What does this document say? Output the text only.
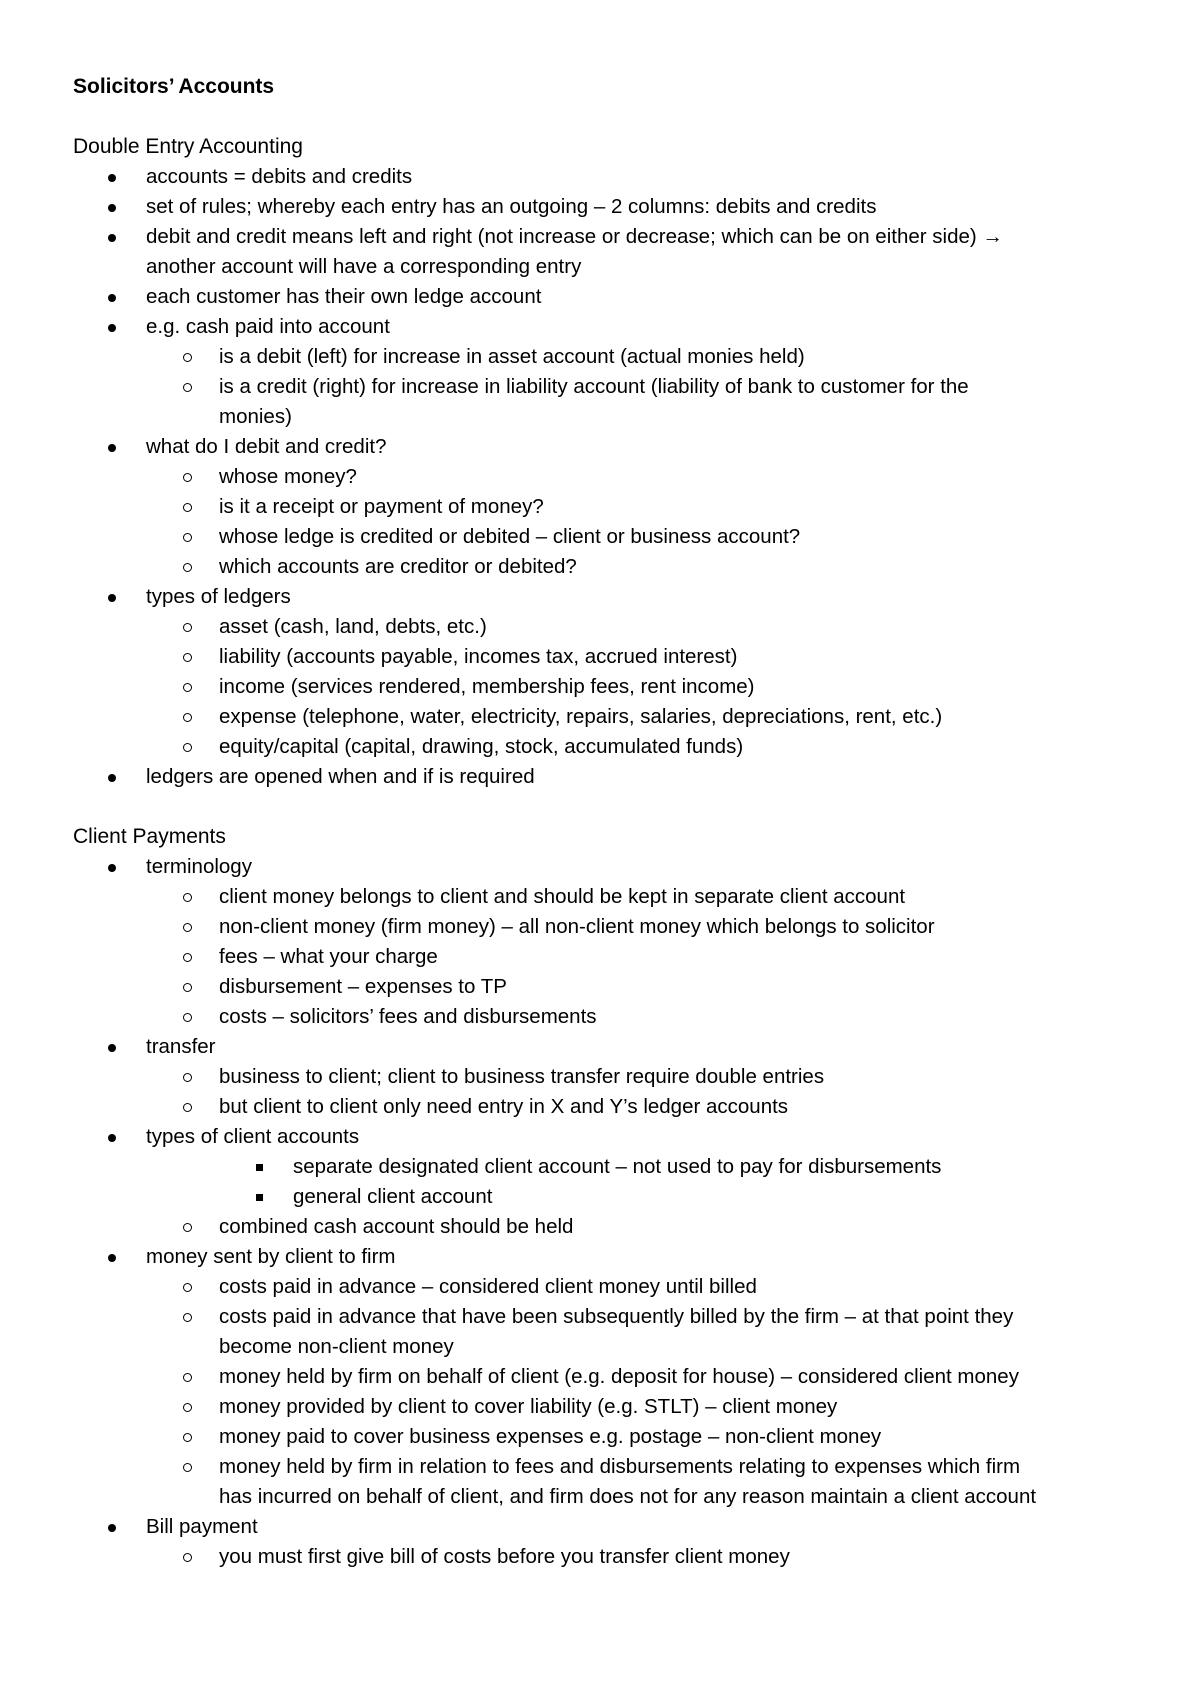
Solicitors’ Accounts
Double Entry Accounting
accounts = debits and credits
set of rules; whereby each entry has an outgoing – 2 columns: debits and credits
debit and credit means left and right (not increase or decrease; which can be on either side) →
another account will have a corresponding entry
each customer has their own ledge account
e.g. cash paid into account
is a debit (left) for increase in asset account (actual monies held)
is a credit (right) for increase in liability account (liability of bank to customer for the
monies)
what do I debit and credit?
whose money?
is it a receipt or payment of money?
whose ledge is credited or debited – client or business account?
which accounts are creditor or debited?
types of ledgers
asset (cash, land, debts, etc.)
liability (accounts payable, incomes tax, accrued interest)
income (services rendered, membership fees, rent income)
expense (telephone, water, electricity, repairs, salaries, depreciations, rent, etc.)
equity/capital (capital, drawing, stock, accumulated funds)
ledgers are opened when and if is required
Client Payments
terminology
client money belongs to client and should be kept in separate client account
non-client money (firm money) – all non-client money which belongs to solicitor
fees – what your charge
disbursement – expenses to TP
costs – solicitors’ fees and disbursements
transfer
business to client; client to business transfer require double entries
but client to client only need entry in X and Y’s ledger accounts
types of client accounts
separate designated client account – not used to pay for disbursements
general client account
combined cash account should be held
money sent by client to firm
costs paid in advance – considered client money until billed
costs paid in advance that have been subsequently billed by the firm – at that point they
become non-client money
money held by firm on behalf of client (e.g. deposit for house) – considered client money
money provided by client to cover liability (e.g. STLT) – client money
money paid to cover business expenses e.g. postage – non-client money
money held by firm in relation to fees and disbursements relating to expenses which firm
has incurred on behalf of client, and firm does not for any reason maintain a client account
Bill payment
you must first give bill of costs before you transfer client money
